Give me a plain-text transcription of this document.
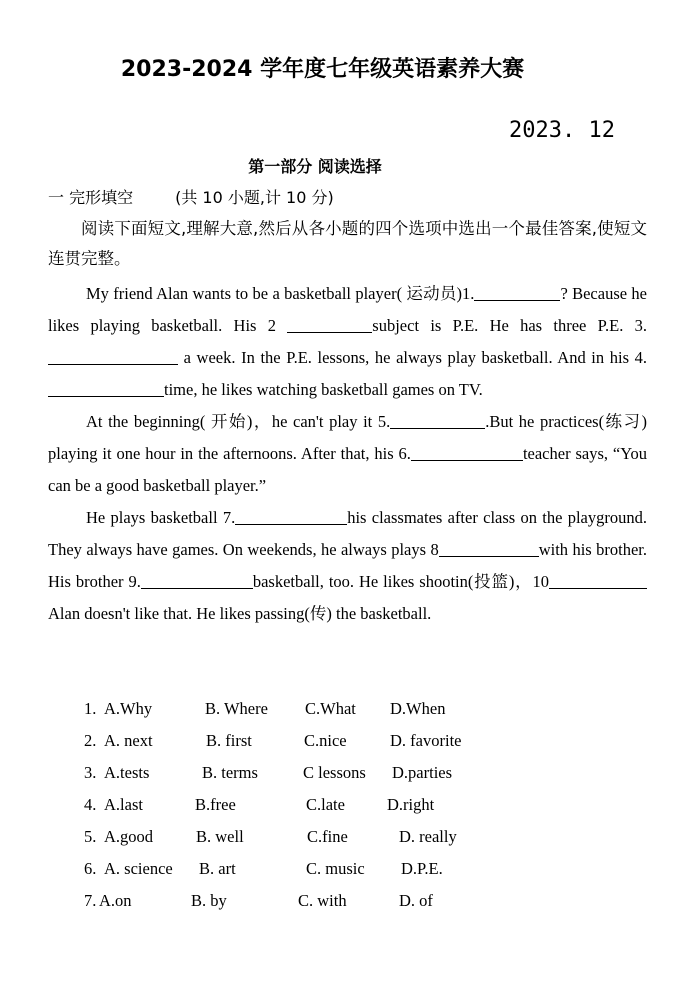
2023-2024 学年度七年级英语素养大赛
2023. 12
第一部分 阅读选择
一 完形填空	(共 10 小题,计 10 分)
阅读下面短文,理解大意,然后从各小题的四个选项中选出一个最佳答案,使短文连贯完整。

My friend Alan wants to be a basketball player( 运动员)1.	? Because he likes playing basketball. His 2	subject is P.E. He has three P.E. 3. a week. In the P.E. lessons, he always play basketball. And in his 4.time, he likes watching basketball games on TV.

At the beginning( 开始)，he can't play it 5.	.But he practices(练习) playing it one hour in the afternoons. After that, his 6.	teacher says, “You can be a good basketball player.”

He plays basketball 7.	his classmates after class on the playground. They always have games. On weekends, he always plays 8	with his brother. His brother 9.	basketball, too. He likes shootin(投篮)，10Alan doesn't like that. He likes passing(传) the basketball.

1. A.Why	B. Where C.What D.When
2. A. next	B. first	C.nice	D. favorite
3. A.tests	B. terms	C lessons D.parties
4. A.last	B.free	C.late	D.right
5. A.good	B. well	C.fine	D. really
6. A. science B. art	C. music D.P.E.
7. A.on	B. by	C. with	D. of
